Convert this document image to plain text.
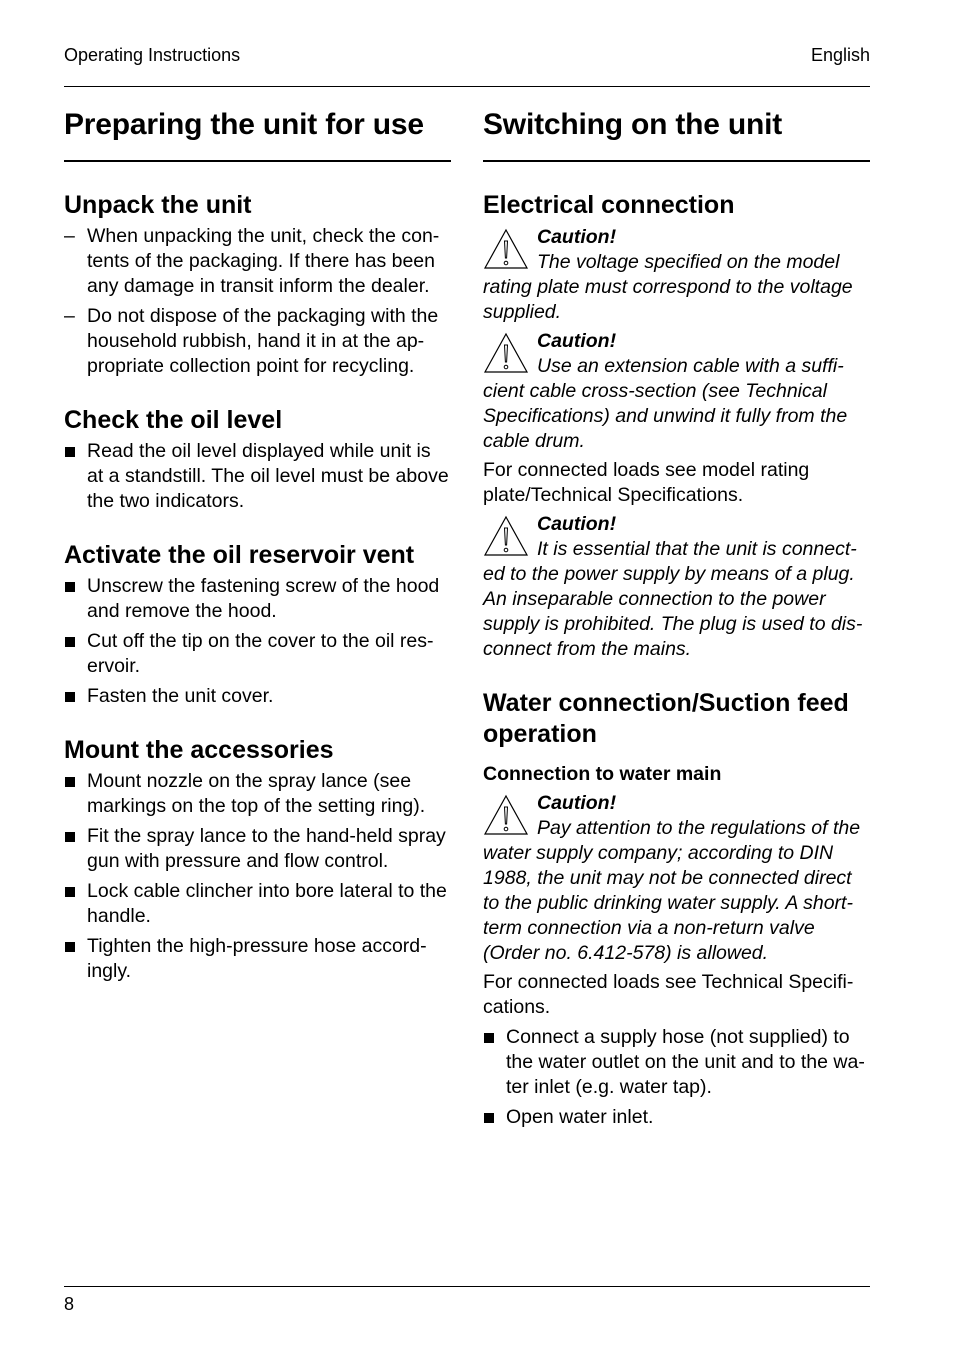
Operating Instructions	English
Preparing the unit for use
Unpack the unit
– When unpacking the unit, check the con-tents of the packaging. If there has been any damage in transit inform the dealer.
– Do not dispose of the packaging with the household rubbish, hand it in at the ap-propriate collection point for recycling.
Check the oil level
Read the oil level displayed while unit is at a standstill. The oil level must be above the two indicators.
Activate the oil reservoir vent
Unscrew the fastening screw of the hood and remove the hood.
Cut off the tip on the cover to the oil res-ervoir.
Fasten the unit cover.
Mount the accessories
Mount nozzle on the spray lance (see markings on the top of the setting ring).
Fit the spray lance to the hand-held spray gun with pressure and flow control.
Lock cable clincher into bore lateral to the handle.
Tighten the high-pressure hose accord-ingly.
Switching on the unit
Electrical connection
Caution!

The voltage specified on the model rating plate must correspond to the voltage supplied.

Caution!

Use an extension cable with a suffi-cient cable cross-section (see Technical Specifications) and unwind it fully from the cable drum.

For connected loads see model rating plate/Technical Specifications.

Caution!

It is essential that the unit is connect-ed to the power supply by means of a plug. An inseparable connection to the power supply is prohibited. The plug is used to dis-connect from the mains.

Water connection/Suction feed operation
Connection to water main
Caution!

Pay attention to the regulations of the water supply company; according to DIN 1988, the unit may not be connected direct to the public drinking water supply. A short-term connection via a non-return valve (Order no. 6.412-578) is allowed.

For connected loads see Technical Specifi-cations.

Connect a supply hose (not supplied) to the water outlet on the unit and to the wa-ter inlet (e.g. water tap).
Open water inlet.
8
